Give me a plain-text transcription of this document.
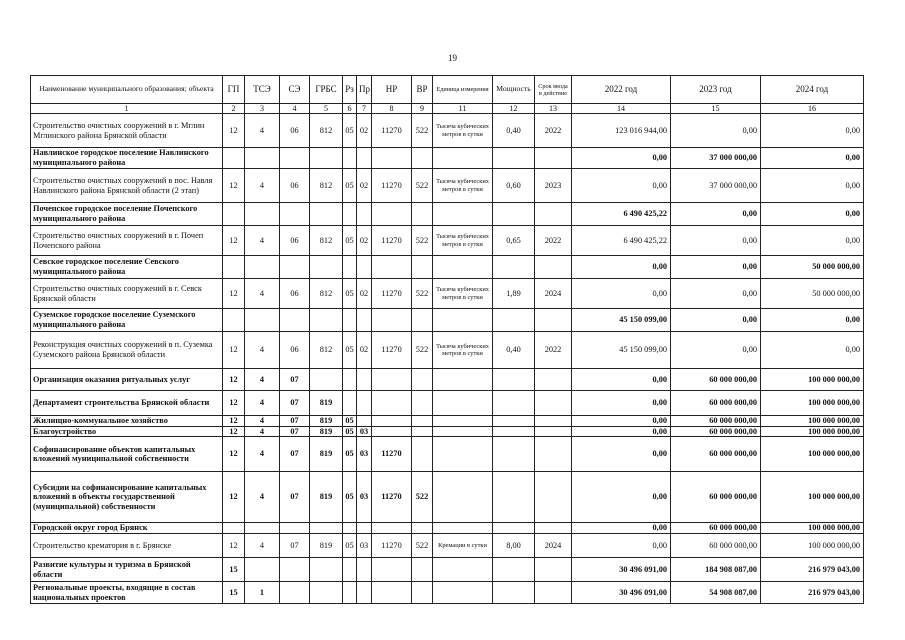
19
Наименование муниципального образования; объекта	ГП	ТСЭ	СЭ	ГРБС	Рз	Пр	НР	ВР	Единица измерения	Мощность	Срок ввода в действие	2022 год	2023 год	2024 год
1	2	3	4	5	6	7	8	9	11	12	13	14	15	16
Строительство очистных сооружений в г. Мглин Мглинского района Брянской области	12	4	06	812	05	02	11270	522	Тысяча кубических метров в сутки	0,40	2022	123 016 944,00	0,00	0,00
Навлинское городское поселение Навлинского муниципального района												0,00	37 000 000,00	0,00
Строительство очистных сооружений в пос. Навля Навлинского района Брянской области (2 этап)	12	4	06	812	05	02	11270	522	Тысяча кубических метров в сутки	0,60	2023	0,00	37 000 000,00	0,00
Почепское городское поселение Почепского муниципального района												6 490 425,22	0,00	0,00
Строительство очистных сооружений в г. Почеп Почепского района	12	4	06	812	05	02	11270	522	Тысяча кубических метров в сутки	0,65	2022	6 490 425,22	0,00	0,00
Севское городское поселение Севского муниципального района												0,00	0,00	50 000 000,00
Строительство очистных сооружений в г. Севск Брянской области	12	4	06	812	05	02	11270	522	Тысяча кубических метров в сутки	1,89	2024	0,00	0,00	50 000 000,00
Суземское городское поселение Суземского муниципального района												45 150 099,00	0,00	0,00
Реконструкция очистных сооружений в п. Суземка Суземского района Брянской области	12	4	06	812	05	02	11270	522	Тысяча кубических метров в сутки	0,40	2022	45 150 099,00	0,00	0,00
Организация оказания ритуальных услуг	12	4	07									0,00	60 000 000,00	100 000 000,00
Департамент строительства Брянской области	12	4	07	819								0,00	60 000 000,00	100 000 000,00
Жилищно-коммунальное хозяйство	12	4	07	819	05							0,00	60 000 000,00	100 000 000,00
Благоустройство	12	4	07	819	05	03						0,00	60 000 000,00	100 000 000,00
Софинансирование объектов капитальных вложений муниципальной собственности	12	4	07	819	05	03	11270					0,00	60 000 000,00	100 000 000,00
Субсидии на софинансирование капитальных вложений в объекты государственной (муниципальной) собственности	12	4	07	819	05	03	11270	522				0,00	60 000 000,00	100 000 000,00
Городской округ город Брянск												0,00	60 000 000,00	100 000 000,00
Строительство крематория в г. Брянске	12	4	07	819	05	03	11270	522	Кремации в сутки	8,00	2024	0,00	60 000 000,00	100 000 000,00
Развитие культуры и туризма в Брянской области	15											30 496 091,00	184 908 087,00	216 979 043,00
Региональные проекты, входящие в состав национальных проектов	15	1										30 496 091,00	54 908 087,00	216 979 043,00
